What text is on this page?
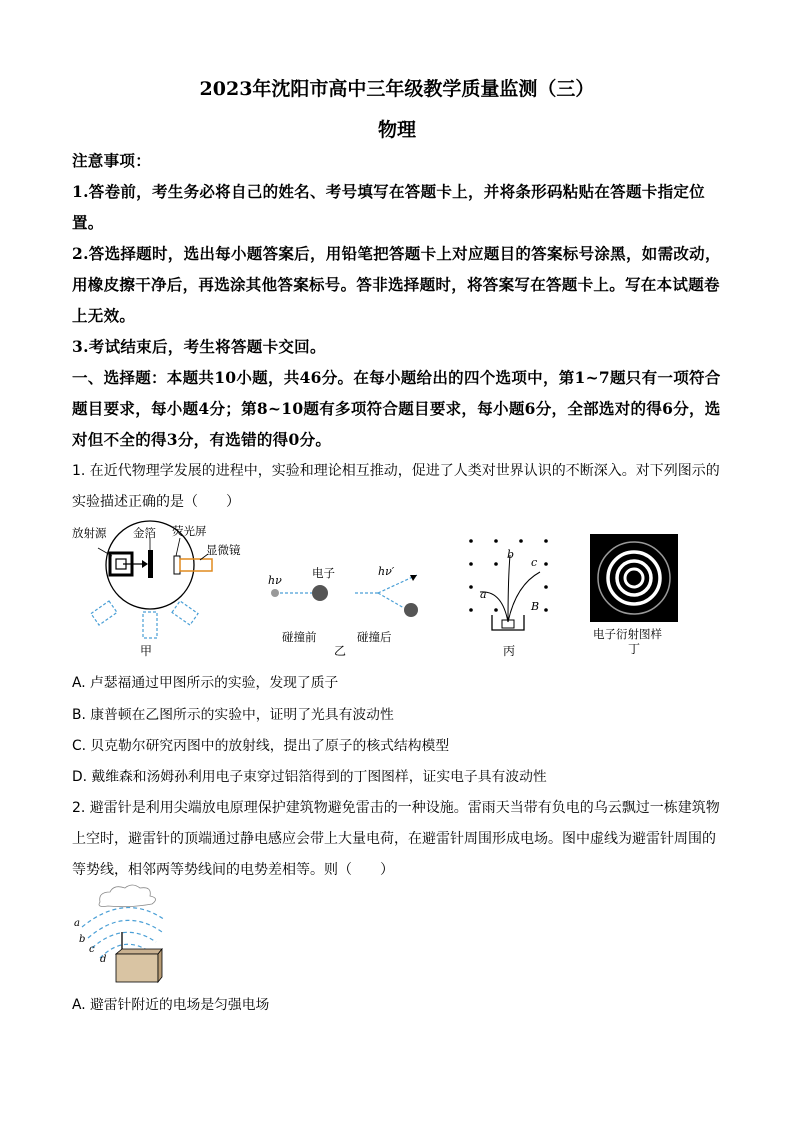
2023年沈阳市高中三年级教学质量监测（三）
物理
注意事项：
1.答卷前，考生务必将自己的姓名、考号填写在答题卡上，并将条形码粘贴在答题卡指定位置。
2.答选择题时，选出每小题答案后，用铅笔把答题卡上对应题目的答案标号涂黑，如需改动，用橡皮擦干净后，再选涂其他答案标号。答非选择题时，将答案写在答题卡上。写在本试题卷上无效。
3.考试结束后，考生将答题卡交回。
一、选择题：本题共10小题，共46分。在每小题给出的四个选项中，第1~7题只有一项符合题目要求，每小题4分；第8~10题有多项符合题目要求，每小题6分，全部选对的得6分，选对但不全的得3分，有选错的得0分。
1. 在近代物理学发展的进程中，实验和理论相互推动，促进了人类对世界认识的不断深入。对下列图示的实验描述正确的是（　　）
放射源 金箔 荧光屏
显微镜
甲
hν
电子	hν′
碰撞前	碰撞后
乙
a
b
c
B
丙
电子衍射图样
丁
A. 卢瑟福通过甲图所示的实验，发现了质子
B. 康普顿在乙图所示的实验中，证明了光具有波动性
C. 贝克勒尔研究丙图中的放射线，提出了原子的核式结构模型
D. 戴维森和汤姆孙利用电子束穿过铝箔得到的丁图图样，证实电子具有波动性
2. 避雷针是利用尖端放电原理保护建筑物避免雷击的一种设施。雷雨天当带有负电的乌云飘过一栋建筑物上空时，避雷针的顶端通过静电感应会带上大量电荷，在避雷针周围形成电场。图中虚线为避雷针周围的等势线，相邻两等势线间的电势差相等。则（　　）
a
b
c
d
A. 避雷针附近的电场是匀强电场
